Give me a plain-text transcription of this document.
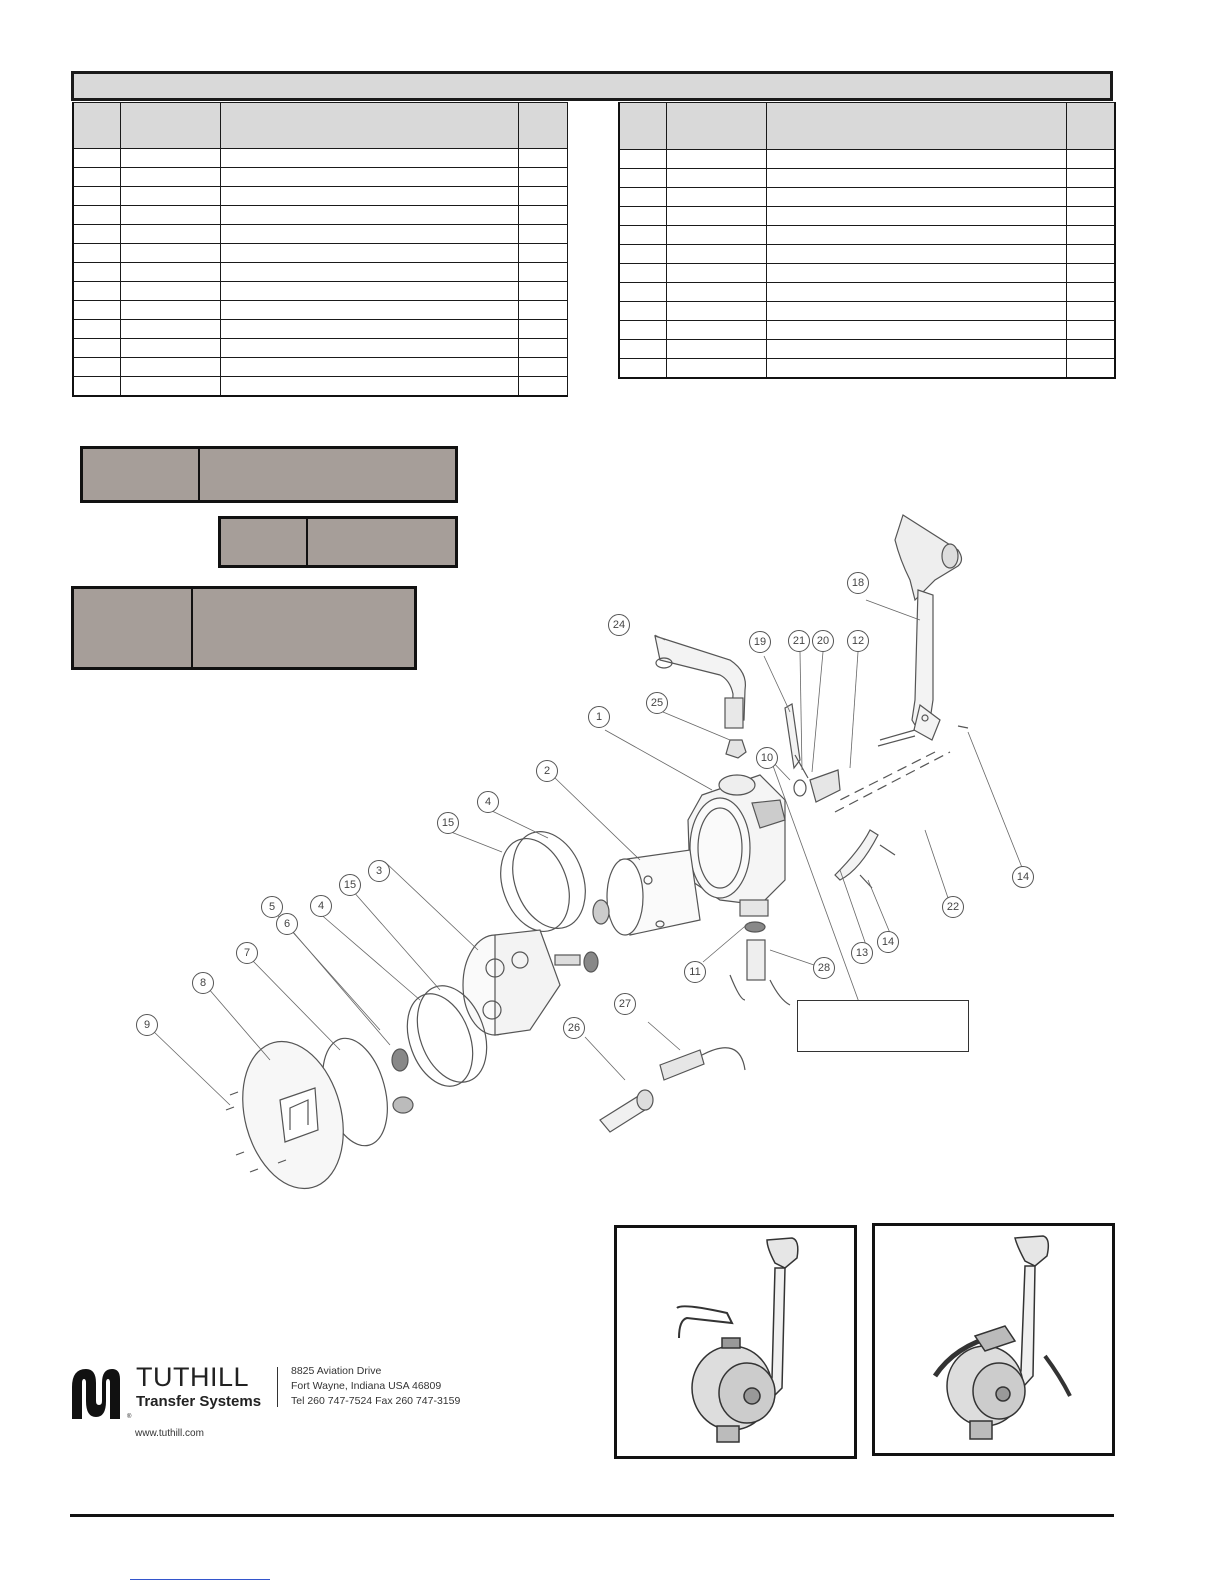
1
2
3
4
4
5
6
7
8
9
10
11
12
13
14
14
15
15
18
19	20
21
22
24
25
26
27
28
TUTHILL
Transfer Systems
®
8825 Aviation Drive
Fort Wayne, Indiana USA 46809
Tel 260 747-7524 Fax 260 747-3159
www.tuthill.com
